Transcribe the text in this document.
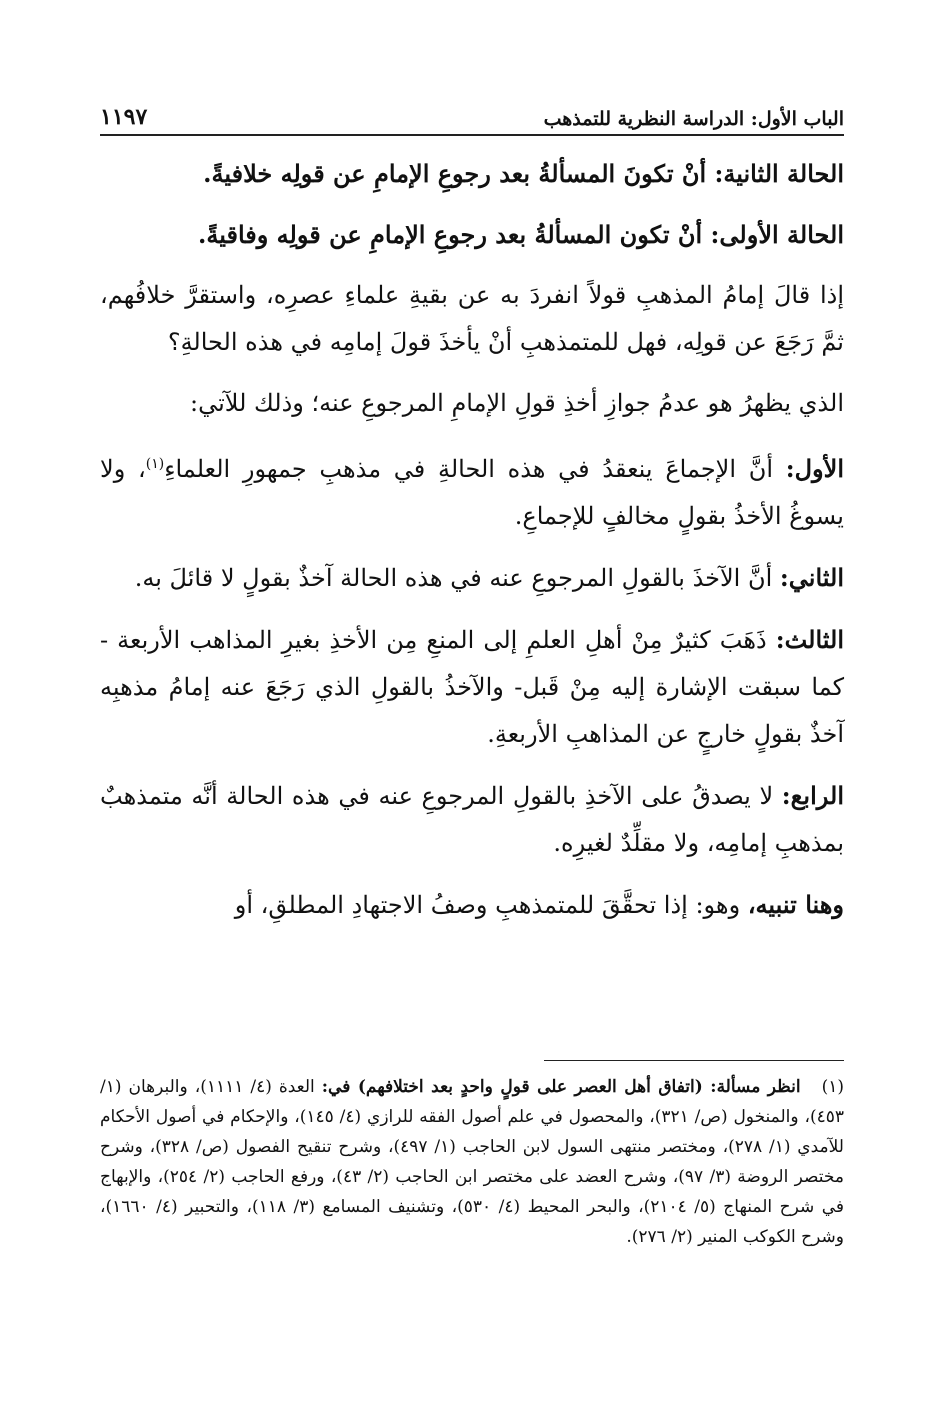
الباب الأول: الدراسة النظرية للتمذهب
١١٩٧

الحالة الثانية: أنْ تكونَ المسألةُ بعد رجوعِ الإمامِ عن قولِه خلافيةً.

الحالة الأولى: أنْ تكون المسألةُ بعد رجوعِ الإمامِ عن قولِه وفاقيةً.

إذا قالَ إمامُ المذهبِ قولاً انفردَ به عن بقيةِ علماءِ عصرِه، واستقرَّ خلافُهم، ثمَّ رَجَعَ عن قولِه، فهل للمتمذهبِ أنْ يأخذَ قولَ إمامِه في هذه الحالةِ؟

الذي يظهرُ هو عدمُ جوازِ أخذِ قولِ الإمامِ المرجوعِ عنه؛ وذلك للآتي:

الأول: أنَّ الإجماعَ ينعقدُ في هذه الحالةِ في مذهبِ جمهورِ العلماءِ$^{(١)}$، ولا يسوغُ الأخذُ بقولٍ مخالفٍ للإجماعِ.

الثاني: أنَّ الآخذَ بالقولِ المرجوعِ عنه في هذه الحالة آخذٌ بقولٍ لا قائلَ به.

الثالث: ذَهَبَ كثيرٌ مِنْ أهلِ العلمِ إلى المنعِ مِن الأخذِ بغيرِ المذاهب الأربعة - كما سبقت الإشارة إليه مِنْ قَبل- والآخذُ بالقولِ الذي رَجَعَ عنه إمامُ مذهبِه آخذٌ بقولٍ خارجٍ عن المذاهبِ الأربعةِ.

الرابع: لا يصدقُ على الآخذِ بالقولِ المرجوعِ عنه في هذه الحالة أنَّه متمذهبٌ بمذهبِ إمامِه، ولا مقلِّدٌ لغيرِه.

وهنا تنبيه، وهو: إذا تحقَّقَ للمتمذهبِ وصفُ الاجتهادِ المطلقِ، أو

(١) انظر مسألة: (اتفاق أهل العصر على قولٍ واحدٍ بعد اختلافهم) في: العدة (٤/ ١١١١)، والبرهان (١/ ٤٥٣)، والمنخول (ص/ ٣٢١)، والمحصول في علم أصول الفقه للرازي (٤/ ١٤٥)، والإحكام في أصول الأحكام للآمدي (١/ ٢٧٨)، ومختصر منتهى السول لابن الحاجب (١/ ٤٩٧)، وشرح تنقيح الفصول (ص/ ٣٢٨)، وشرح مختصر الروضة (٣/ ٩٧)، وشرح العضد على مختصر ابن الحاجب (٢/ ٤٣)، ورفع الحاجب (٢/ ٢٥٤)، والإبهاج في شرح المنهاج (٥/ ٢١٠٤)، والبحر المحيط (٤/ ٥٣٠)، وتشنيف المسامع (٣/ ١١٨)، والتحبير (٤/ ١٦٦٠)، وشرح الكوكب المنير (٢/ ٢٧٦).
